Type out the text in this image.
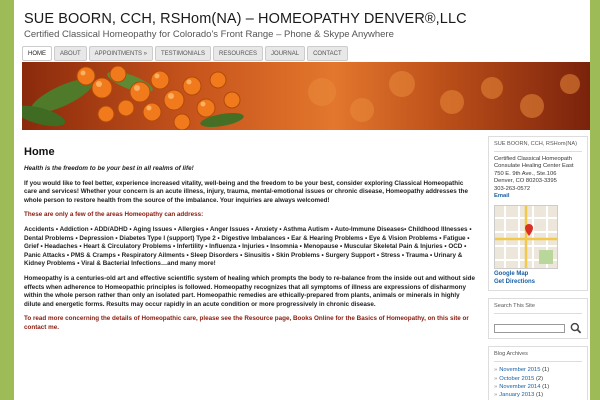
SUE BOORN, CCH, RSHom(NA) – HOMEOPATHY DENVER®,LLC
Certified Classical Homeopathy for Colorado's Front Range – Phone & Skype Anywhere
HOME	ABOUT	APPOINTMENTS »	TESTIMONIALS	RESOURCES	JOURNAL	CONTACT
Home

Health is the freedom to be your best in all realms of life!

If you would like to feel better, experience increased vitality, well-being and the freedom to be your best, consider exploring Classical Homeopathic care and services! Whether your concern is an acute illness, injury, trauma, mental-emotional issues or chronic disease, Homeopathy addresses the whole person to restore health from the source of the imbalance. Your inquiries are always welcomed!

These are only a few of the areas Homeopathy can address:

Accidents • Addiction • ADD/ADHD • Aging Issues • Allergies • Anger Issues • Anxiety • Asthma Autism • Auto-Immune Diseases• Childhood Illnesses • Dental Problems • Depression • Diabetes Type I (support) Type 2 • Digestive Imbalances • Ear & Hearing Problems • Eye & Vision Problems • Fatigue • Grief • Headaches • Heart & Circulatory Problems • Infertility • Influenza • Injuries • Insomnia • Menopause • Muscular Skeletal Pain & Injuries • OCD • Panic Attacks • PMS & Cramps • Respiratory Ailments • Sleep Disorders • Sinusitis • Skin Problems • Surgery Support • Stress • Trauma • Urinary & Kidney Problems • Viral & Bacterial Infections…and many more!

Homeopathy is a centuries-old art and effective scientific system of healing which prompts the body to re-balance from the inside out and without side effects when adherence to Homeopathic principles is followed. Homeopathy recognizes that all symptoms of illness are expressions of disharmony within the whole person rather than only an isolated part. Homeopathic remedies are ethically-prepared from plants, animals or minerals in highly dilute and energetic forms. Results may occur rapidly in an acute condition or more progressively in chronic disease.

To read more concerning the details of Homeopathic care, please see the Resource page, Books Online for the Basics of Homeopathy, on this site or contact me.

SUE BOORN, CCH, RSHom(NA)
Certified Classical Homeopath
Consulate Healing Center East
750 E. 9th Ave., Ste.106
Denver, CO 80203-3395
303-263-0572
Email
Google Map
Get Directions
Search This Site
Blog Archives
» November 2015 (1)
» October 2015 (2)
» November 2014 (1)
» January 2013 (1)
